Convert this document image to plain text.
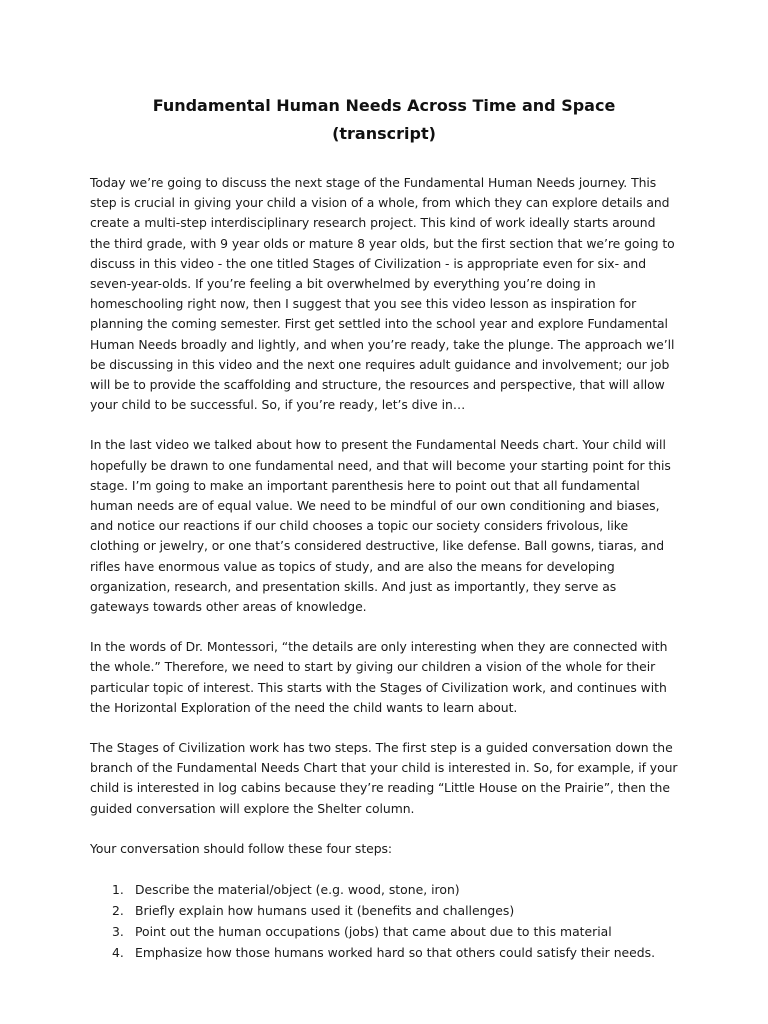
Fundamental Human Needs Across Time and Space
(transcript)

Today we’re going to discuss the next stage of the Fundamental Human Needs journey. This step is crucial in giving your child a vision of a whole, from which they can explore details and create a multi-step interdisciplinary research project. This kind of work ideally starts around the third grade, with 9 year olds or mature 8 year olds, but the first section that we’re going to discuss in this video - the one titled Stages of Civilization - is appropriate even for six- and seven-year-olds. If you’re feeling a bit overwhelmed by everything you’re doing in homeschooling right now, then I suggest that you see this video lesson as inspiration for planning the coming semester. First get settled into the school year and explore Fundamental Human Needs broadly and lightly, and when you’re ready, take the plunge. The approach we’ll be discussing in this video and the next one requires adult guidance and involvement; our job will be to provide the scaffolding and structure, the resources and perspective, that will allow your child to be successful. So, if you’re ready, let’s dive in…

In the last video we talked about how to present the Fundamental Needs chart. Your child will hopefully be drawn to one fundamental need, and that will become your starting point for this stage. I’m going to make an important parenthesis here to point out that all fundamental human needs are of equal value. We need to be mindful of our own conditioning and biases, and notice our reactions if our child chooses a topic our society considers frivolous, like clothing or jewelry, or one that’s considered destructive, like defense. Ball gowns, tiaras, and rifles have enormous value as topics of study, and are also the means for developing organization, research, and presentation skills. And just as importantly, they serve as gateways towards other areas of knowledge.

In the words of Dr. Montessori, “the details are only interesting when they are connected with the whole.” Therefore, we need to start by giving our children a vision of the whole for their particular topic of interest. This starts with the Stages of Civilization work, and continues with the Horizontal Exploration of the need the child wants to learn about.

The Stages of Civilization work has two steps. The first step is a guided conversation down the branch of the Fundamental Needs Chart that your child is interested in. So, for example, if your child is interested in log cabins because they’re reading “Little House on the Prairie”, then the guided conversation will explore the Shelter column.

Your conversation should follow these four steps:

1. Describe the material/object (e.g. wood, stone, iron)
2. Briefly explain how humans used it (benefits and challenges)
3. Point out the human occupations (jobs) that came about due to this material
4. Emphasize how those humans worked hard so that others could satisfy their needs.
